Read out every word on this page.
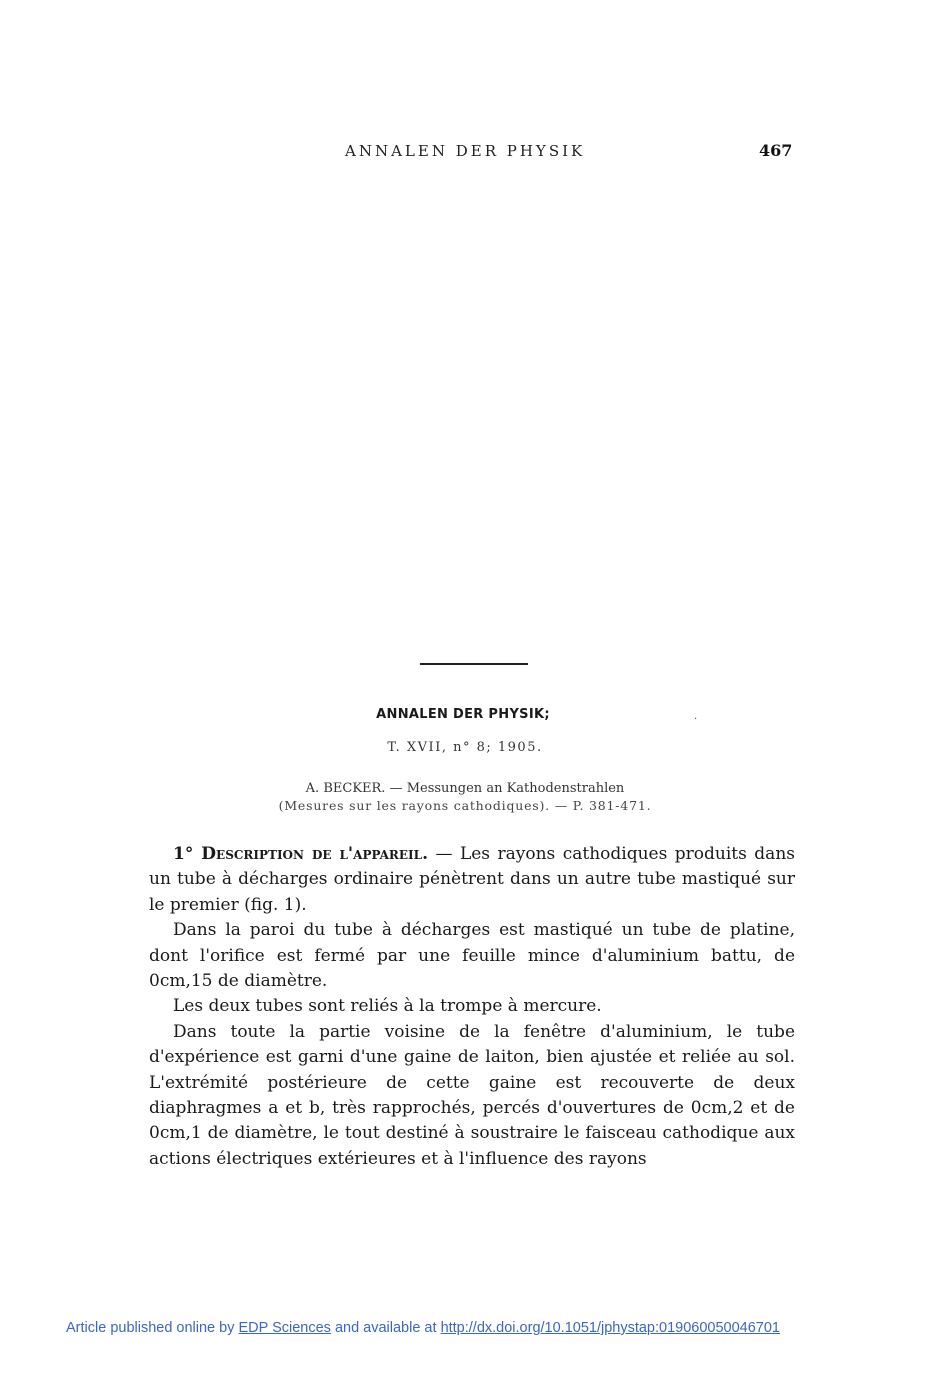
ANNALEN DER PHYSIK	467
ANNALEN DER PHYSIK;	.
T. XVII, n° 8; 1905.
A. BECKER. — Messungen an Kathodenstrahlen
(Mesures sur les rayons cathodiques). — P. 381-471.

1° Description de l'appareil. — Les rayons cathodiques produits dans un tube à décharges ordinaire pénètrent dans un autre tube mastiqué sur le premier (fig. 1).

Dans la paroi du tube à décharges est mastiqué un tube de platine, dont l'orifice est fermé par une feuille mince d'aluminium battu, de 0cm,15 de diamètre.

Les deux tubes sont reliés à la trompe à mercure.

Dans toute la partie voisine de la fenêtre d'aluminium, le tube d'expérience est garni d'une gaine de laiton, bien ajustée et reliée au sol. L'extrémité postérieure de cette gaine est recouverte de deux diaphragmes a et b, très rapprochés, percés d'ouvertures de 0cm,2 et de 0cm,1 de diamètre, le tout destiné à soustraire le faisceau cathodique aux actions électriques extérieures et à l'influence des rayons

Article published online by EDP Sciences and available at http://dx.doi.org/10.1051/jphystap:019060050046701
